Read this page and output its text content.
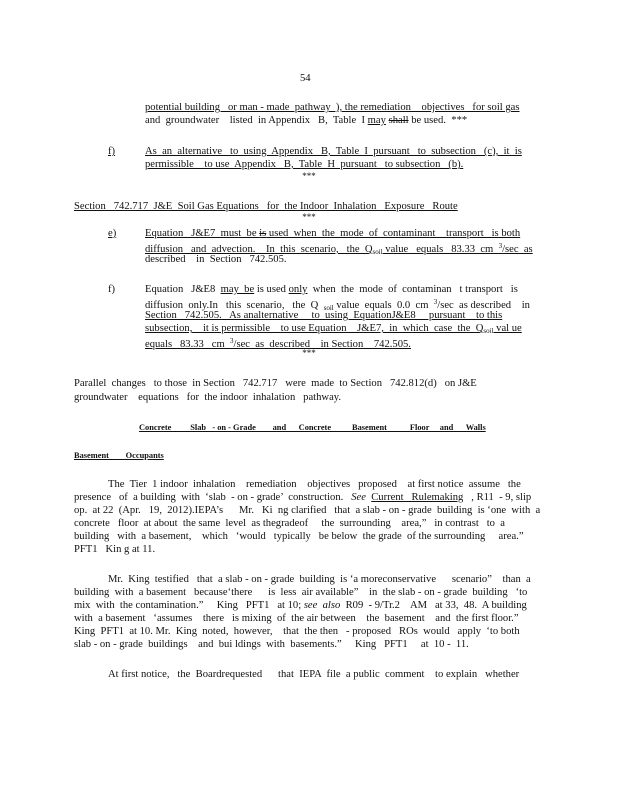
54
potential building   or man - made  pathway  ), the remediation    objectives   for soil gas
and  groundwater    listed  in Appendix   B,  Table  I may shall be used. ***
f)	As  an  alternative   to  using  Appendix   B,  Table  I  pursuant   to  subsection   (c),  it  is
permissible    to use  Appendix   B,  Table  H  pursuant   to subsection   (b).
***
Section   742.717  J&E  Soil Gas Equations   for  the Indoor  Inhalation   Exposure   Route
***
e)	Equation   J&E7  must  be is used  when  the  mode  of  contaminant    transport   is both
diffusion   and  advection.    In  this  scenario,   the  Qsoil value   equals   83.33  cm  $^3$/sec  as
described    in  Section   742.505.
f)	Equation   J&E8  may  be is used only  when  the  mode  of  contaminan   t transport   is
diffusion  only.In   this  scenario,   the  Q  soil value  equals  0.0  cm  $^3$/sec  as described    in
Section   742.505.   As analternative     to  using  EquationJ&E8     pursuant    to this
subsection,    it is permissible    to use Equation    J&E7,  in  which  case  the  Qsoil val ue
equals   83.33   cm  $^3$/sec  as  described    in Section    742.505.
***
Parallel  changes   to those  in Section   742.717   were  made  to Section   742.812(d)   on J&E
groundwater    equations   for  the indoor  inhalation   pathway.
Concrete         Slab   - on - Grade        and      Concrete          Basement           Floor     and      Walls
Basement        Occupants
The  Tier  1 indoor  inhalation    remediation    objectives   proposed    at first notice  assume   the
presence   of  a building  with  ‘slab  - on - grade’  construction.   See Current   Rulemaking   , R11  - 9, slip
op.  at 22  (Apr.   19,  2012).IEPA’s      Mr.   Ki  ng clarified   that  a slab - on - grade  building  is ‘one  with  a
concrete   floor  at about  the same  level  as thegradeof     the  surrounding    area,”   in contrast   to  a
building   with  a basement,    which   ‘would   typically   be below  the grade  of the surrounding     area.”
PFT1   Kin g at 11.
Mr.  King  testified   that  a slab - on - grade  building  is ‘a moreconservative      scenario”    than  a
building  with  a basement   because‘there      is  less  air available”    in  the slab - on - grade  building   ‘to
mix  with  the contamination.”     King   PFT1   at 10; see  also  R09  - 9/Tr.2    AM   at 33,  48.  A building
with  a basement   ‘assumes    there   is mixing  of  the air between    the  basement    and  the first floor.”
King  PFT1  at 10. Mr.  King  noted,  however,    that  the then   - proposed   ROs  would   apply  ‘to both
slab - on - grade  buildings    and  bui ldings  with  basements.”     King   PFT1     at  10 -  11.
At first notice,   the  Boardrequested      that  IEPA  file  a public  comment    to explain   whether
